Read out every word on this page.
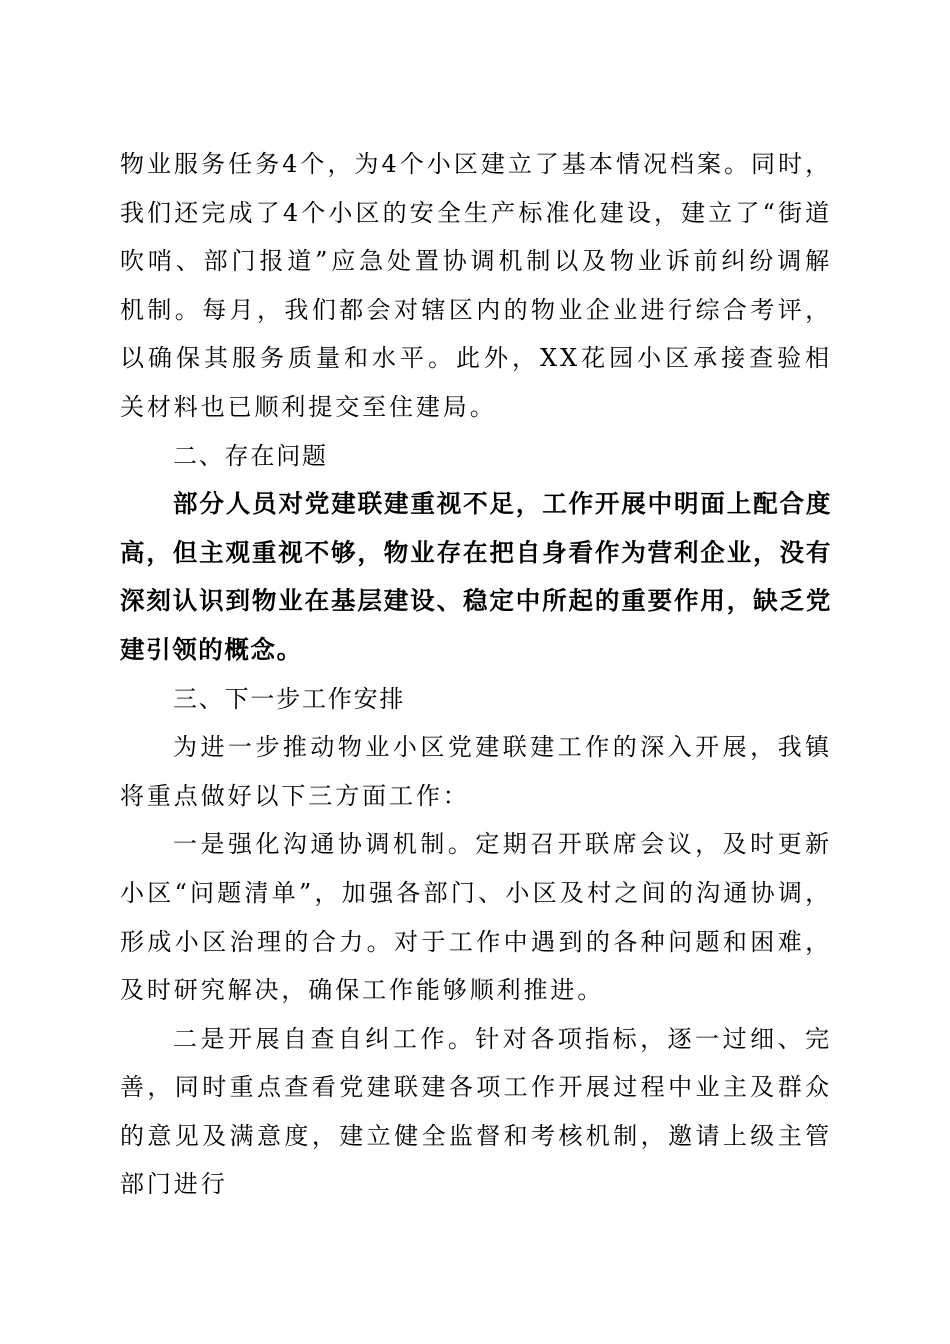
物业服务任务4个，为4个小区建立了基本情况档案。同时，我们还完成了4个小区的安全生产标准化建设，建立了“街道吹哨、部门报道”应急处置协调机制以及物业诉前纠纷调解机制。每月，我们都会对辖区内的物业企业进行综合考评，以确保其服务质量和水平。此外，XX花园小区承接查验相关材料也已顺利提交至住建局。

二、存在问题

部分人员对党建联建重视不足，工作开展中明面上配合度高，但主观重视不够，物业存在把自身看作为营利企业，没有深刻认识到物业在基层建设、稳定中所起的重要作用，缺乏党建引领的概念。

三、下一步工作安排

为进一步推动物业小区党建联建工作的深入开展，我镇将重点做好以下三方面工作：

一是强化沟通协调机制。定期召开联席会议，及时更新小区“问题清单”，加强各部门、小区及村之间的沟通协调，形成小区治理的合力。对于工作中遇到的各种问题和困难，及时研究解决，确保工作能够顺利推进。

二是开展自查自纠工作。针对各项指标，逐一过细、完善，同时重点查看党建联建各项工作开展过程中业主及群众的意见及满意度，建立健全监督和考核机制，邀请上级主管部门进行
